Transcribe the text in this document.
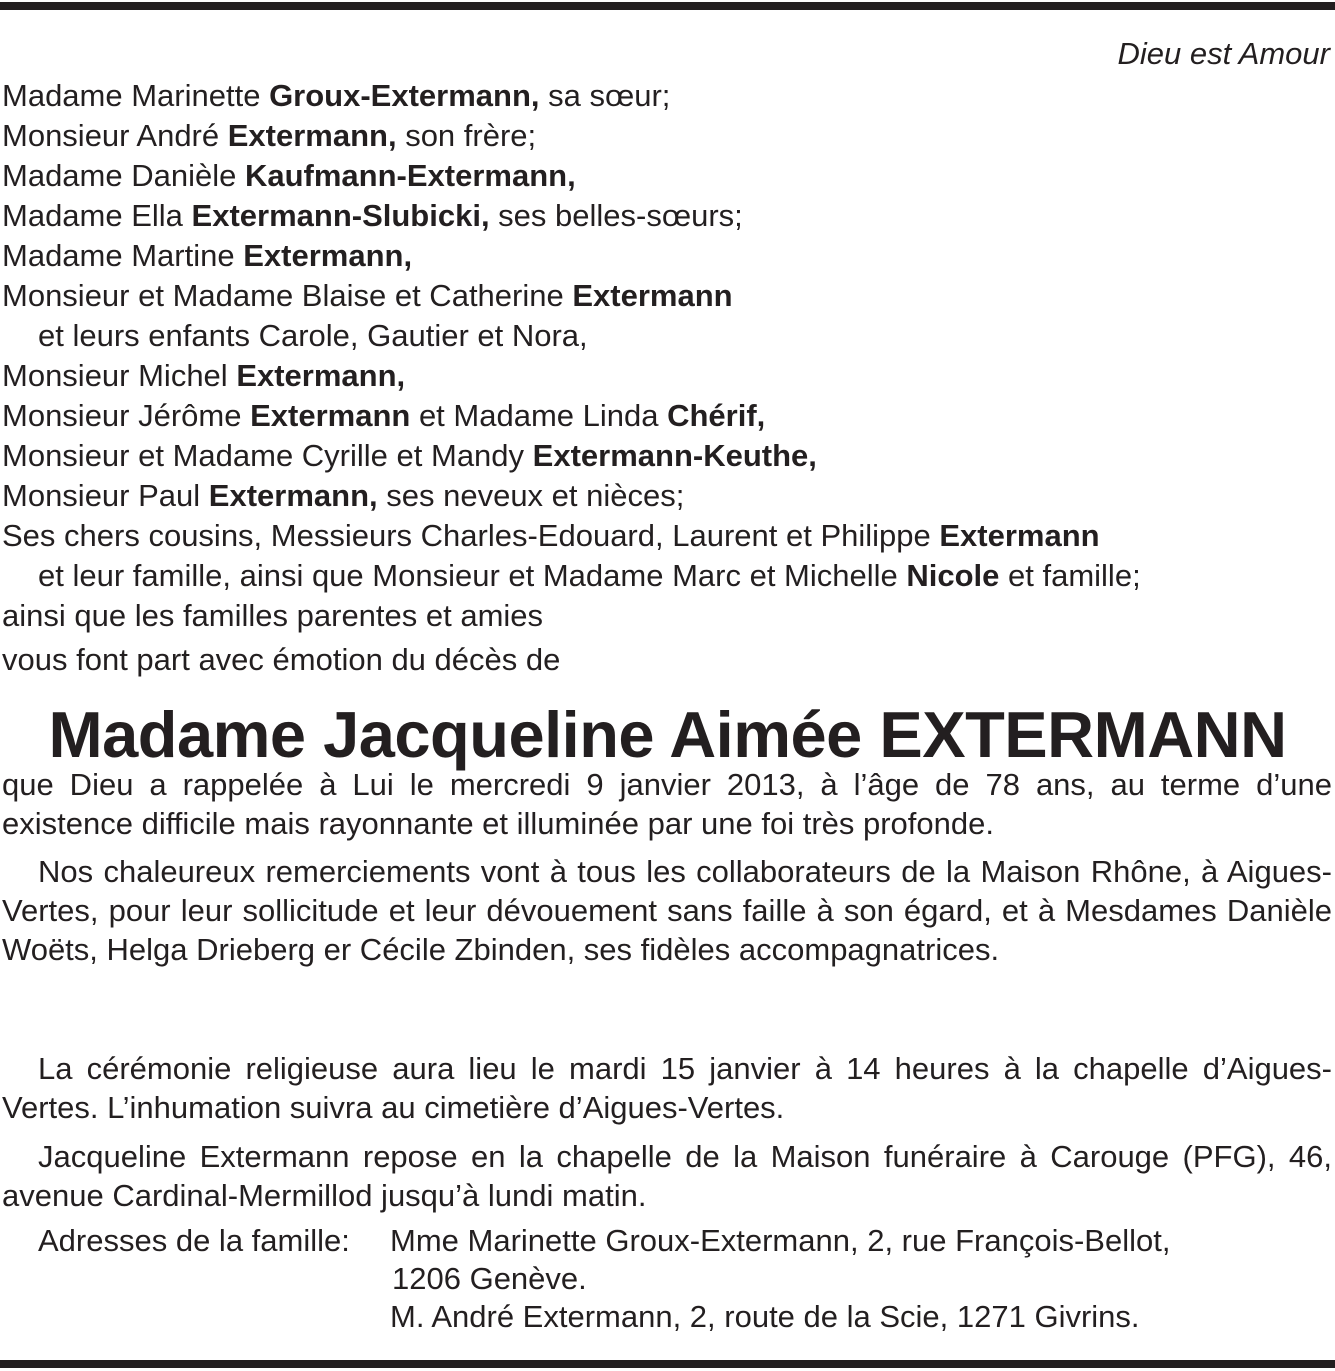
Dieu est Amour
Madame Marinette Groux-Extermann, sa sœur;
Monsieur André Extermann, son frère;
Madame Danièle Kaufmann-Extermann,
Madame Ella Extermann-Slubicki, ses belles-sœurs;
Madame Martine Extermann,
Monsieur et Madame Blaise et Catherine Extermann
et leurs enfants Carole, Gautier et Nora,
Monsieur Michel Extermann,
Monsieur Jérôme Extermann et Madame Linda Chérif,
Monsieur et Madame Cyrille et Mandy Extermann-Keuthe,
Monsieur Paul Extermann, ses neveux et nièces;
Ses chers cousins, Messieurs Charles-Edouard, Laurent et Philippe Extermann
et leur famille, ainsi que Monsieur et Madame Marc et Michelle Nicole et famille;
ainsi que les familles parentes et amies
vous font part avec émotion du décès de
Madame Jacqueline Aimée EXTERMANN

que Dieu a rappelée à Lui le mercredi 9 janvier 2013, à l’âge de 78 ans, au terme d’une existence difficile mais rayonnante et illuminée par une foi très profonde.

Nos chaleureux remerciements vont à tous les collaborateurs de la Maison Rhône, à Aigues-Vertes, pour leur sollicitude et leur dévouement sans faille à son égard, et à Mesdames Danièle Woëts, Helga Drieberg er Cécile Zbinden, ses fidèles accompagnatrices.

La cérémonie religieuse aura lieu le mardi 15 janvier à 14 heures à la chapelle d’Aigues-Vertes. L’inhumation suivra au cimetière d’Aigues-Vertes.

Jacqueline Extermann repose en la chapelle de la Maison funéraire à Carouge (PFG), 46, avenue Cardinal-Mermillod jusqu’à lundi matin.

Adresses de la famille: Mme Marinette Groux-Extermann, 2, rue François-Bellot,
1206 Genève.
M. André Extermann, 2, route de la Scie, 1271 Givrins.
